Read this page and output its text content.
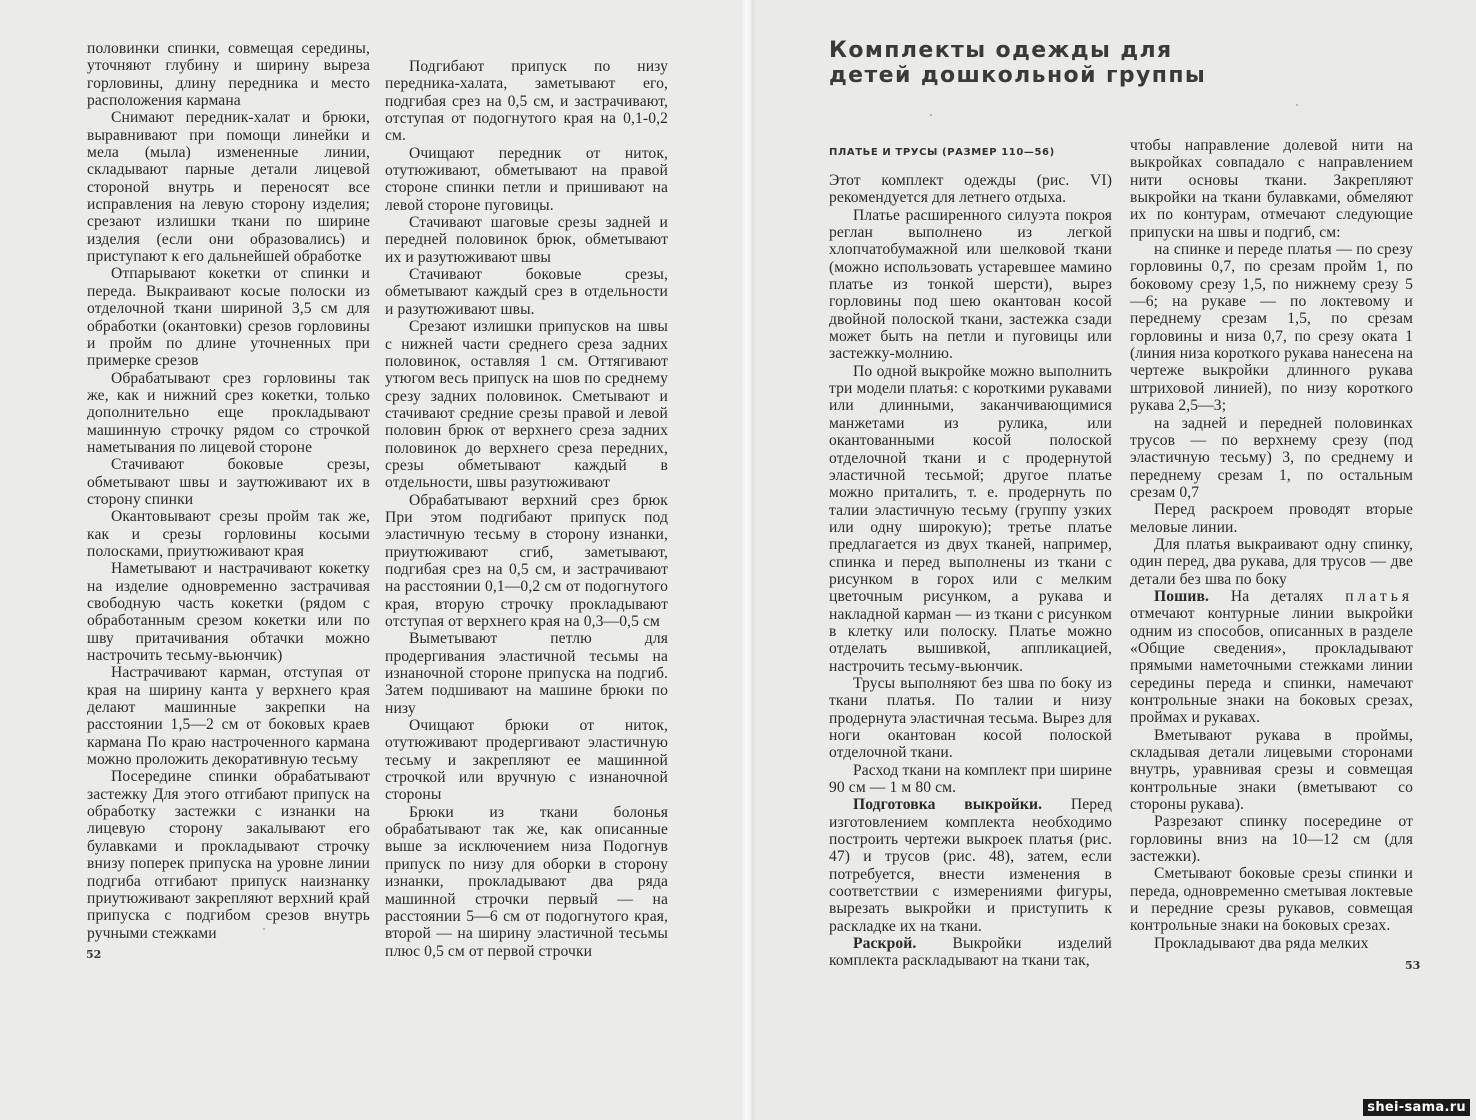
половинки спинки, совмещая середины, уточняют глубину и ширину выреза горловины, длину передника и место расположения кармана

Снимают передник-халат и брюки, выравнивают при помощи линейки и мела (мыла) измененные линии, складывают парные детали лицевой стороной внутрь и переносят все исправления на левую сторону изделия; срезают излишки ткани по ширине изделия (если они образовались) и приступают к его дальнейшей обработке

Отпарывают кокетки от спинки и переда. Выкраивают косые полоски из отделочной ткани шириной 3,5 см для обработки (окантовки) срезов горловины и пройм по длине уточненных при примерке срезов

Обрабатывают срез горловины так же, как и нижний срез кокетки, только дополнительно еще прокладывают машинную строчку рядом со строчкой наметывания по лицевой стороне

Стачивают боковые срезы, обметывают швы и заутюживают их в сторону спинки

Окантовывают срезы пройм так же, как и срезы горловины косыми полосками, приутюживают края

Наметывают и настрачивают кокетку на изделие одновременно застрачивая свободную часть кокетки (рядом с обработанным срезом кокетки или по шву притачивания обтачки можно настрочить тесьму-вьюнчик)

Настрачивают карман, отступая от края на ширину канта у верхнего края делают машинные закрепки на расстоянии 1,5—2 см от боковых краев кармана По краю настроченного кармана можно проложить декоративную тесьму

Посередине спинки обрабатывают застежку Для этого отгибают припуск на обработку застежки с изнанки на лицевую сторону закалывают его булавками и прокладывают строчку внизу поперек припуска на уровне линии подгиба отгибают припуск наизнанку приутюживают закрепляют верхний край припуска с подгибом срезов внутрь ручными стежками

Подгибают припуск по низу передника-халата, заметывают его, подгибая срез на 0,5 см, и застрачивают, отступая от подогнутого края на 0,1-0,2 см.

Очищают передник от ниток, отутюживают, обметывают на правой стороне спинки петли и пришивают на левой стороне пуговицы.

Стачивают шаговые срезы задней и передней половинок брюк, обметывают их и разутюживают швы

Стачивают боковые срезы, обметывают каждый срез в отдельности и разутюживают швы.

Срезают излишки припусков на швы с нижней части среднего среза задних половинок, оставляя 1 см. Оттягивают утюгом весь припуск на шов по среднему срезу задних половинок. Сметывают и стачивают средние срезы правой и левой половин брюк от верхнего среза задних половинок до верхнего среза передних, срезы обметывают каждый в отдельности, швы разутюживают

Обрабатывают верхний срез брюк При этом подгибают припуск под эластичную тесьму в сторону изнанки, приутюживают сгиб, заметывают, подгибая срез на 0,5 см, и застрачивают на расстоянии 0,1—0,2 см от подогнутого края, вторую строчку прокладывают отступая от верхнего края на 0,3—0,5 см

Выметывают петлю для продергивания эластичной тесьмы на изнаночной стороне припуска на подгиб. Затем подшивают на машине брюки по низу

Очищают брюки от ниток, отутюживают продергивают эластичную тесьму и закрепляют ее машинной строчкой или вручную с изнаночной стороны

Брюки из ткани болонья обрабатывают так же, как описанные выше за исключением низа Подогнув припуск по низу для оборки в сторону изнанки, прокладывают два ряда машинной строчки первый — на расстоянии 5—6 см от подогнутого края, второй — на ширину эластичной тесьмы плюс 0,5 см от первой строчки

52
Комплекты одежды для детей дошкольной группы
ПЛАТЬЕ И ТРУСЫ (РАЗМЕР 110—56)

Этот комплект одежды (рис. VI) рекомендуется для летнего отдыха.

Платье расширенного силуэта покроя реглан выполнено из легкой хлопчатобумажной или шелковой ткани (можно использовать устаревшее мамино платье из тонкой шерсти), вырез горловины под шею окантован косой двойной полоской ткани, застежка сзади может быть на петли и пуговицы или застежку-молнию.

По одной выкройке можно выполнить три модели платья: с короткими рукавами или длинными, заканчивающимися манжетами из рулика, или окантованными косой полоской отделочной ткани и с продернутой эластичной тесьмой; другое платье можно приталить, т. е. продернуть по талии эластичную тесьму (группу узких или одну широкую); третье платье предлагается из двух тканей, например, спинка и перед выполнены из ткани с рисунком в горох или с мелким цветочным рисунком, а рукава и накладной карман — из ткани с рисунком в клетку или полоску. Платье можно отделать вышивкой, аппликацией, настрочить тесьму-вьюнчик.

Трусы выполняют без шва по боку из ткани платья. По талии и низу продернута эластичная тесьма. Вырез для ноги окантован косой полоской отделочной ткани.

Расход ткани на комплект при ширине 90 см — 1 м 80 см.

Подготовка выкройки. Перед изготовлением комплекта необходимо построить чертежи выкроек платья (рис. 47) и трусов (рис. 48), затем, если потребуется, внести изменения в соответствии с измерениями фигуры, вырезать выкройки и приступить к раскладке их на ткани.

Раскрой. Выкройки изделий комплекта раскладывают на ткани так,

чтобы направление долевой нити на выкройках совпадало с направлением нити основы ткани. Закрепляют выкройки на ткани булавками, обмеляют их по контурам, отмечают следующие припуски на швы и подгиб, см:

на спинке и переде платья — по срезу горловины 0,7, по срезам пройм 1, по боковому срезу 1,5, по нижнему срезу 5—6; на рукаве — по локтевому и переднему срезам 1,5, по срезам горловины и низа 0,7, по срезу оката 1 (линия низа короткого рукава нанесена на чертеже выкройки длинного рукава штриховой линией), по низу короткого рукава 2,5—3;

на задней и передней половинках трусов — по верхнему срезу (под эластичную тесьму) 3, по среднему и переднему срезам 1, по остальным срезам 0,7

Перед раскроем проводят вторые меловые линии.

Для платья выкраивают одну спинку, один перед, два рукава, для трусов — две детали без шва по боку

Пошив. На деталях платья отмечают контурные линии выкройки одним из способов, описанных в разделе «Общие сведения», прокладывают прямыми наметочными стежками линии середины переда и спинки, намечают контрольные знаки на боковых срезах, проймах и рукавах.

Вметывают рукава в проймы, складывая детали лицевыми сторонами внутрь, уравнивая срезы и совмещая контрольные знаки (вметывают со стороны рукава).

Разрезают спинку посередине от горловины вниз на 10—12 см (для застежки).

Сметывают боковые срезы спинки и переда, одновременно сметывая локтевые и передние срезы рукавов, совмещая контрольные знаки на боковых срезах.

Прокладывают два ряда мелких

53
shei-sama.ru
